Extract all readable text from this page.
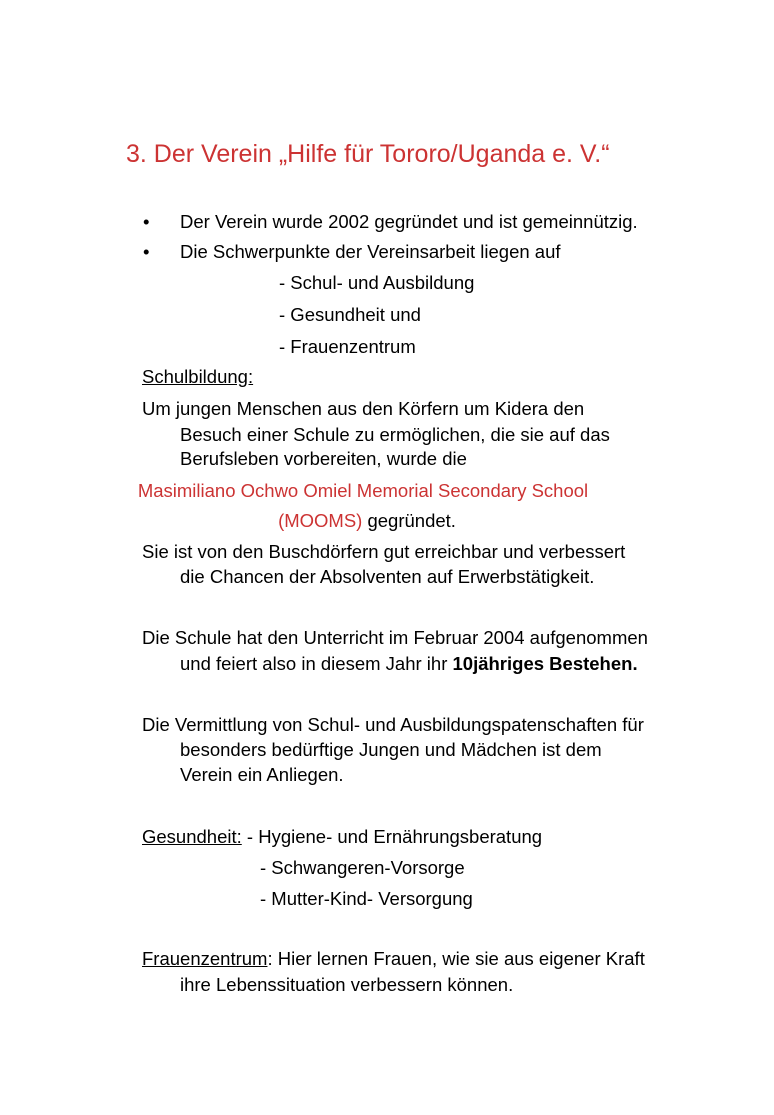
3. Der Verein „Hilfe für Tororo/Uganda e. V.“
• Der Verein wurde 2002 gegründet und ist gemeinnützig.
• Die Schwerpunkte der Vereinsarbeit liegen auf
- Schul- und Ausbildung
- Gesundheit und
- Frauenzentrum
Schulbildung:
Um jungen Menschen aus den Körfern um Kidera den
Besuch einer Schule zu ermöglichen, die sie auf das
Berufsleben vorbereiten, wurde die
Masimiliano Ochwo Omiel Memorial Secondary School
(MOOMS) gegründet.
Sie ist von den Buschdörfern gut erreichbar und verbessert
die Chancen der Absolventen auf Erwerbstätigkeit.
Die Schule hat den Unterricht im Februar 2004 aufgenommen
und feiert also in diesem Jahr ihr 10jähriges Bestehen.
Die Vermittlung von Schul- und Ausbildungspatenschaften für
besonders bedürftige Jungen und Mädchen ist dem
Verein ein Anliegen.
Gesundheit: - Hygiene- und Ernährungsberatung
- Schwangeren-Vorsorge
- Mutter-Kind- Versorgung
Frauenzentrum: Hier lernen Frauen, wie sie aus eigener Kraft
ihre Lebenssituation verbessern können.
